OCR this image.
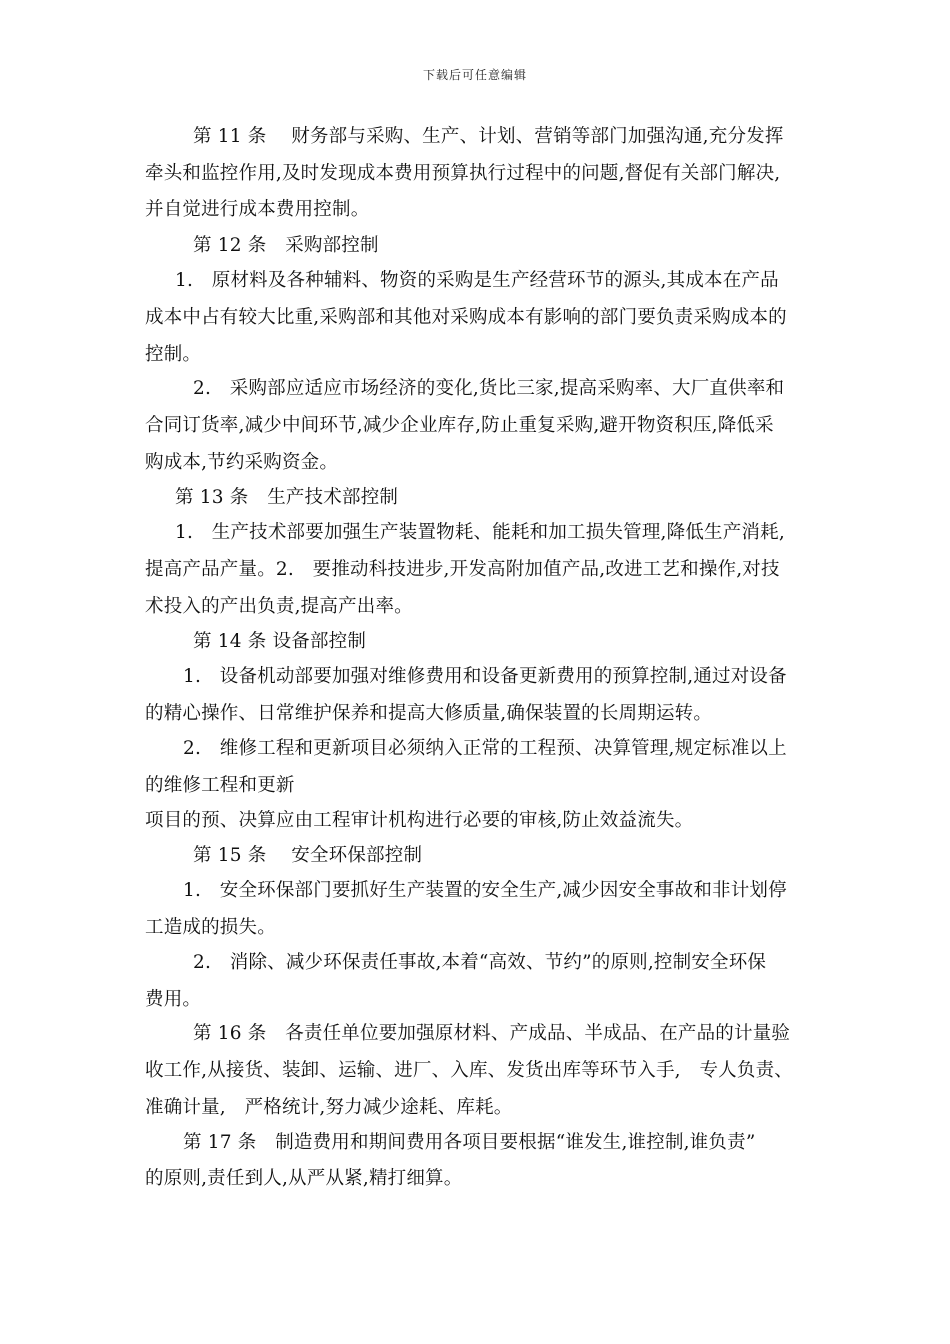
下载后可任意编辑
第 11 条　 财务部与采购、生产、计划、营销等部门加强沟通,充分发挥
牵头和监控作用,及时发现成本费用预算执行过程中的问题,督促有关部门解决,
并自觉进行成本费用控制。
第 12 条　采购部控制
1.　原材料及各种辅料、物资的采购是生产经营环节的源头,其成本在产品
成本中占有较大比重,采购部和其他对采购成本有影响的部门要负责采购成本的
控制。
2.　采购部应适应市场经济的变化,货比三家,提高采购率、大厂直供率和
合同订货率,减少中间环节,减少企业库存,防止重复采购,避开物资积压,降低采
购成本,节约采购资金。
第 13 条　生产技术部控制
1.　生产技术部要加强生产装置物耗、能耗和加工损失管理,降低生产消耗,
提高产品产量。2.　要推动科技进步,开发高附加值产品,改进工艺和操作,对技
术投入的产出负责,提高产出率。
第 14 条 设备部控制
1.　设备机动部要加强对维修费用和设备更新费用的预算控制,通过对设备
的精心操作、日常维护保养和提高大修质量,确保装置的长周期运转。
2.　维修工程和更新项目必须纳入正常的工程预、决算管理,规定标准以上
的维修工程和更新
项目的预、决算应由工程审计机构进行必要的审核,防止效益流失。
第 15 条　 安全环保部控制
1.　安全环保部门要抓好生产装置的安全生产,减少因安全事故和非计划停
工造成的损失。
2.　消除、减少环保责任事故,本着“高效、节约”的原则,控制安全环保
费用。
第 16 条　各责任单位要加强原材料、产成品、半成品、在产品的计量验
收工作,从接货、装卸、运输、进厂、入库、发货出库等环节入手,　专人负责、
准确计量,　严格统计,努力减少途耗、库耗。
第 17 条　制造费用和期间费用各项目要根据“谁发生,谁控制,谁负责”
的原则,责任到人,从严从紧,精打细算。
